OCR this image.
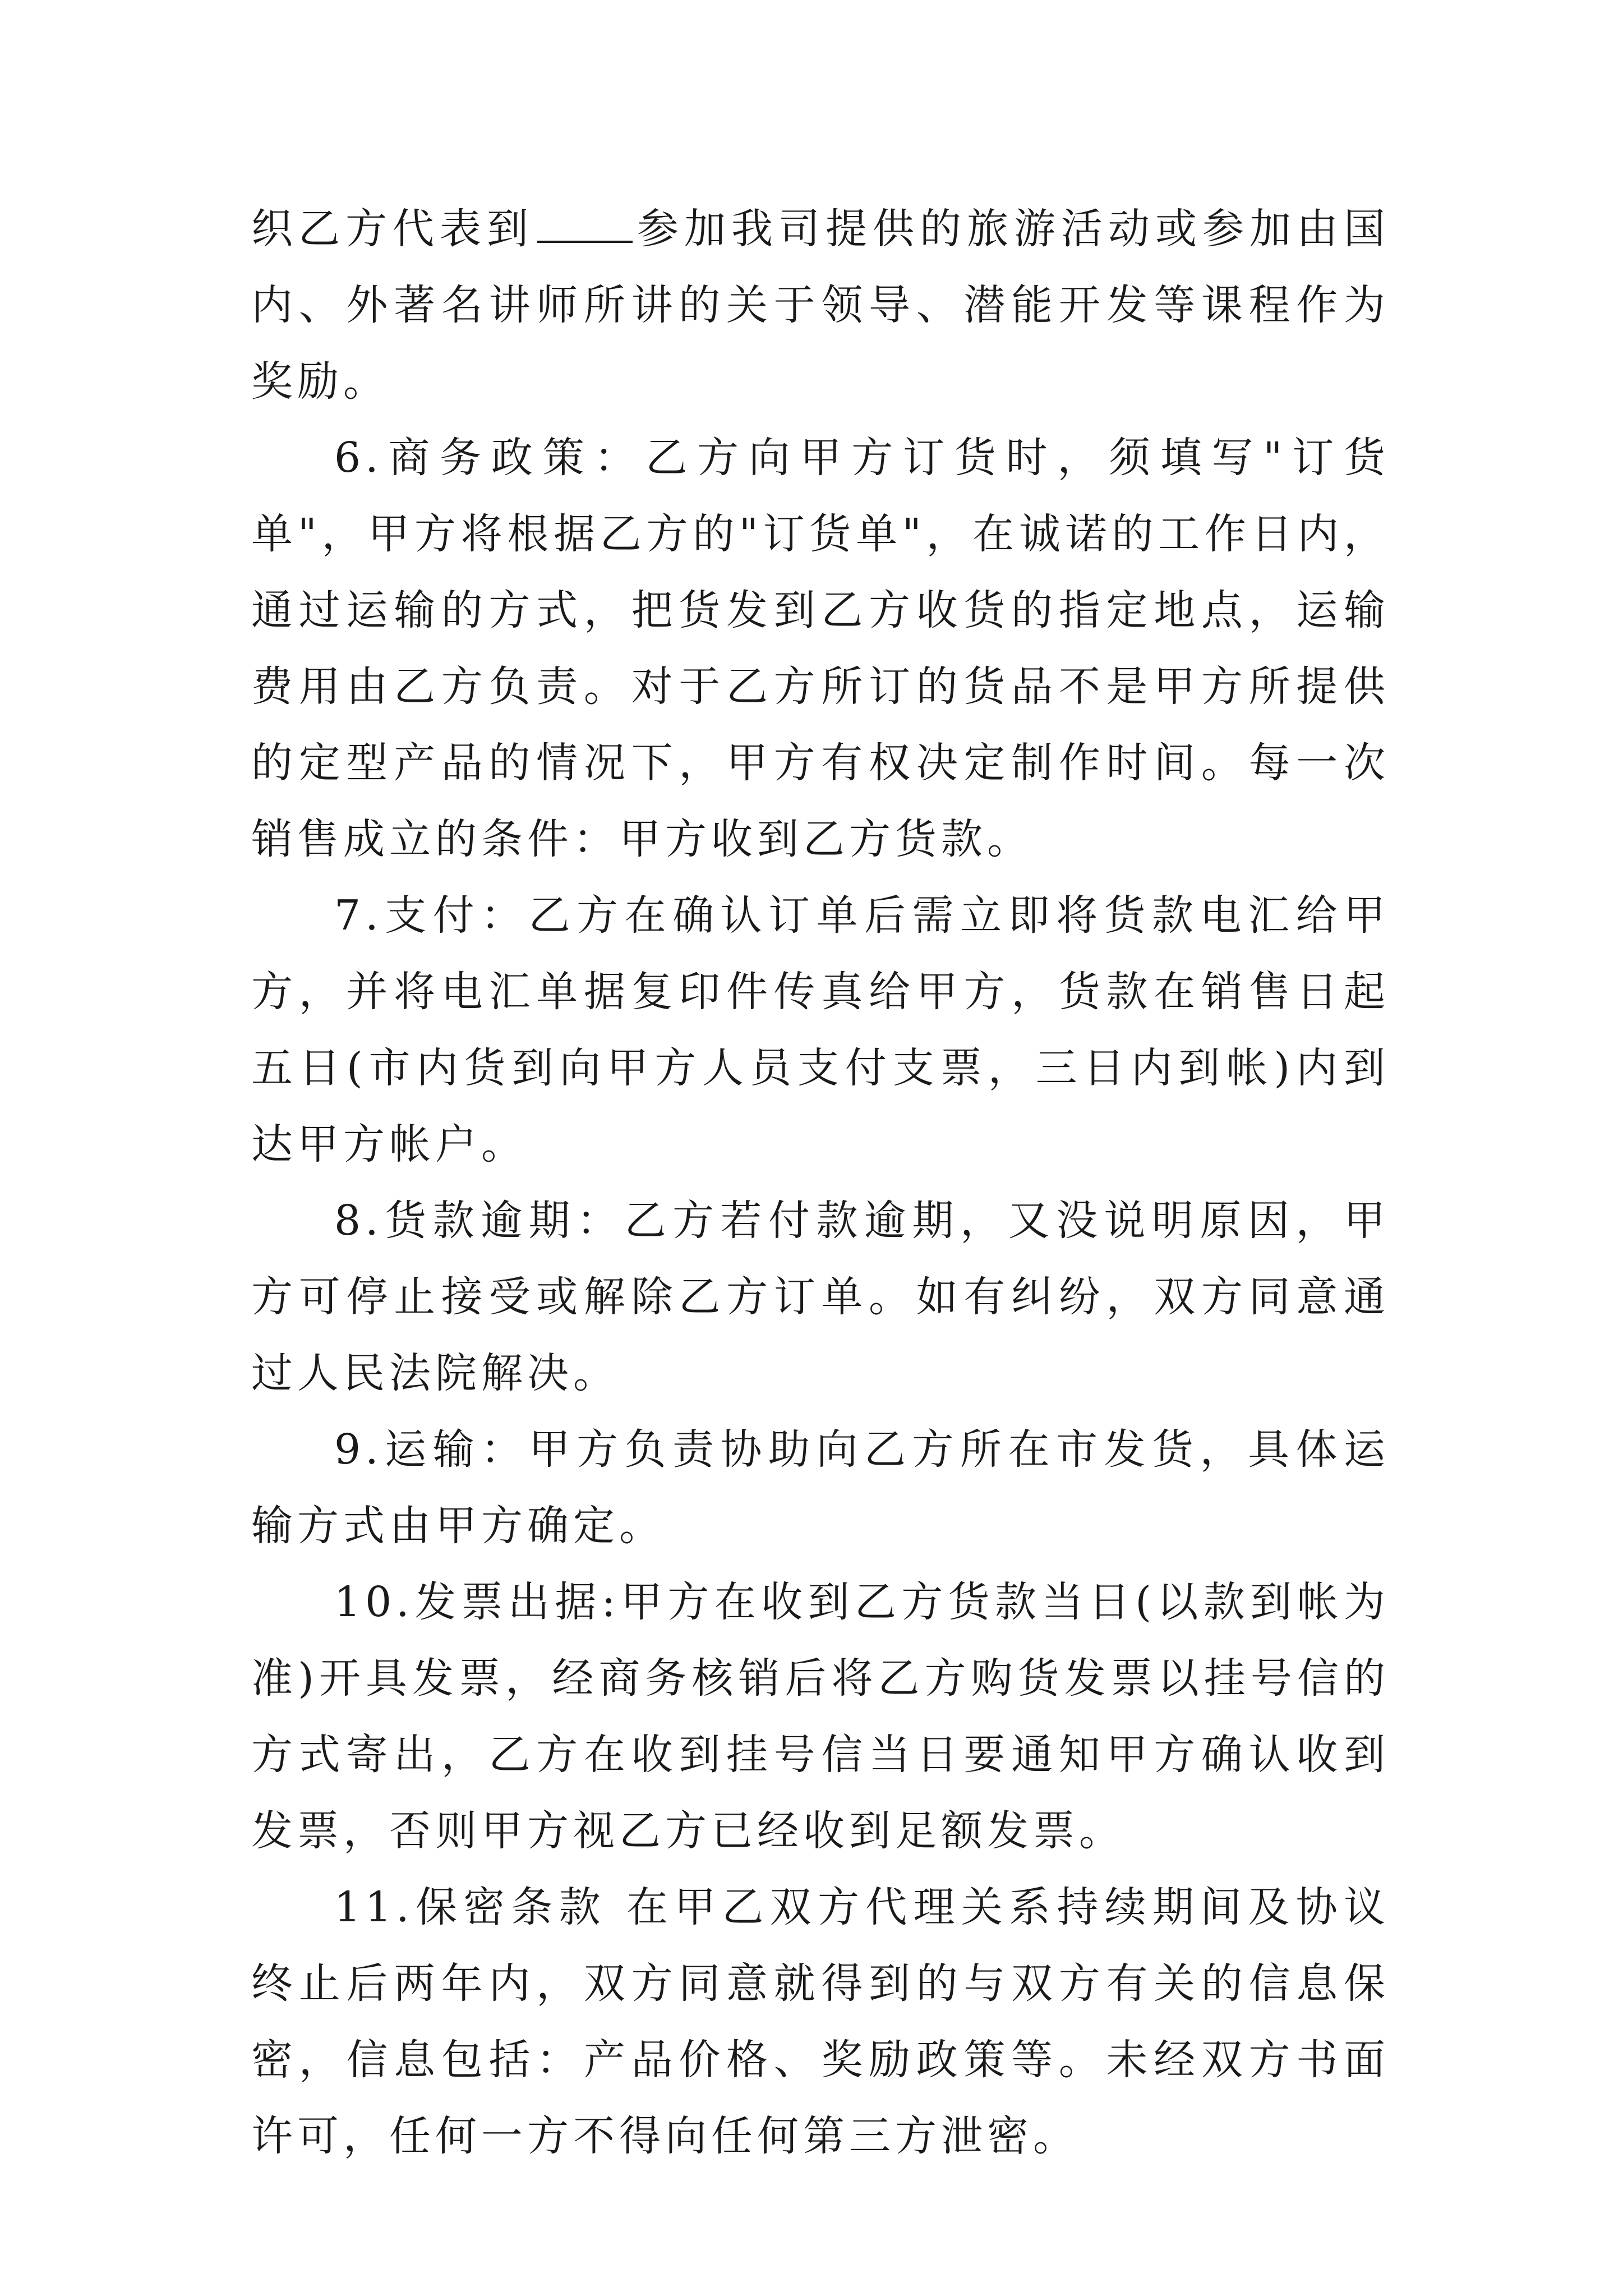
织乙方代表到 参加我司提供的旅游活动或参加由国内、外著名讲师所讲的关于领导、潜能开发等课程作为奖励。

6.商务政策：乙方向甲方订货时，须填写"订货单"，甲方将根据乙方的"订货单"，在诚诺的工作日内，通过运输的方式，把货发到乙方收货的指定地点，运输费用由乙方负责。对于乙方所订的货品不是甲方所提供的定型产品的情况下，甲方有权决定制作时间。每一次销售成立的条件：甲方收到乙方货款。

7.支付：乙方在确认订单后需立即将货款电汇给甲方，并将电汇单据复印件传真给甲方，货款在销售日起五日(市内货到向甲方人员支付支票，三日内到帐)内到达甲方帐户。

8.货款逾期：乙方若付款逾期，又没说明原因，甲方可停止接受或解除乙方订单。如有纠纷，双方同意通过人民法院解决。

9.运输：甲方负责协助向乙方所在市发货，具体运输方式由甲方确定。

10.发票出据:甲方在收到乙方货款当日(以款到帐为准)开具发票，经商务核销后将乙方购货发票以挂号信的方式寄出，乙方在收到挂号信当日要通知甲方确认收到发票，否则甲方视乙方已经收到足额发票。

11.保密条款 在甲乙双方代理关系持续期间及协议终止后两年内，双方同意就得到的与双方有关的信息保密，信息包括：产品价格、奖励政策等。未经双方书面许可，任何一方不得向任何第三方泄密。
